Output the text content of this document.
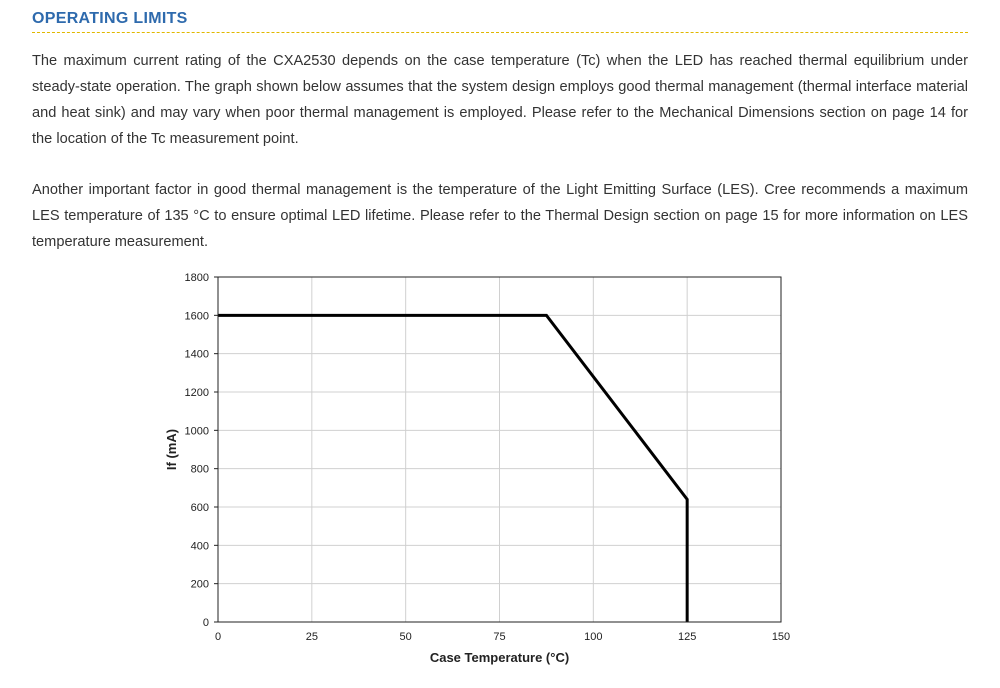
OPERATING LIMITS

The maximum current rating of the CXA2530 depends on the case temperature (Tc) when the LED has reached thermal equilibrium under steady-state operation. The graph shown below assumes that the system design employs good thermal management (thermal interface material and heat sink) and may vary when poor thermal management is employed. Please refer to the Mechanical Dimensions section on page 14 for the location of the Tc measurement point.

Another important factor in good thermal management is the temperature of the Light Emitting Surface (LES). Cree recommends a maximum LES temperature of 135 °C to ensure optimal LED lifetime. Please refer to the Thermal Design section on page 15 for more information on LES temperature measurement.

0
200
400
600
800
1000
1200
1400
1600
1800
0	25	50	75	100	125	150
Case Temperature (°C)
If (mA)
